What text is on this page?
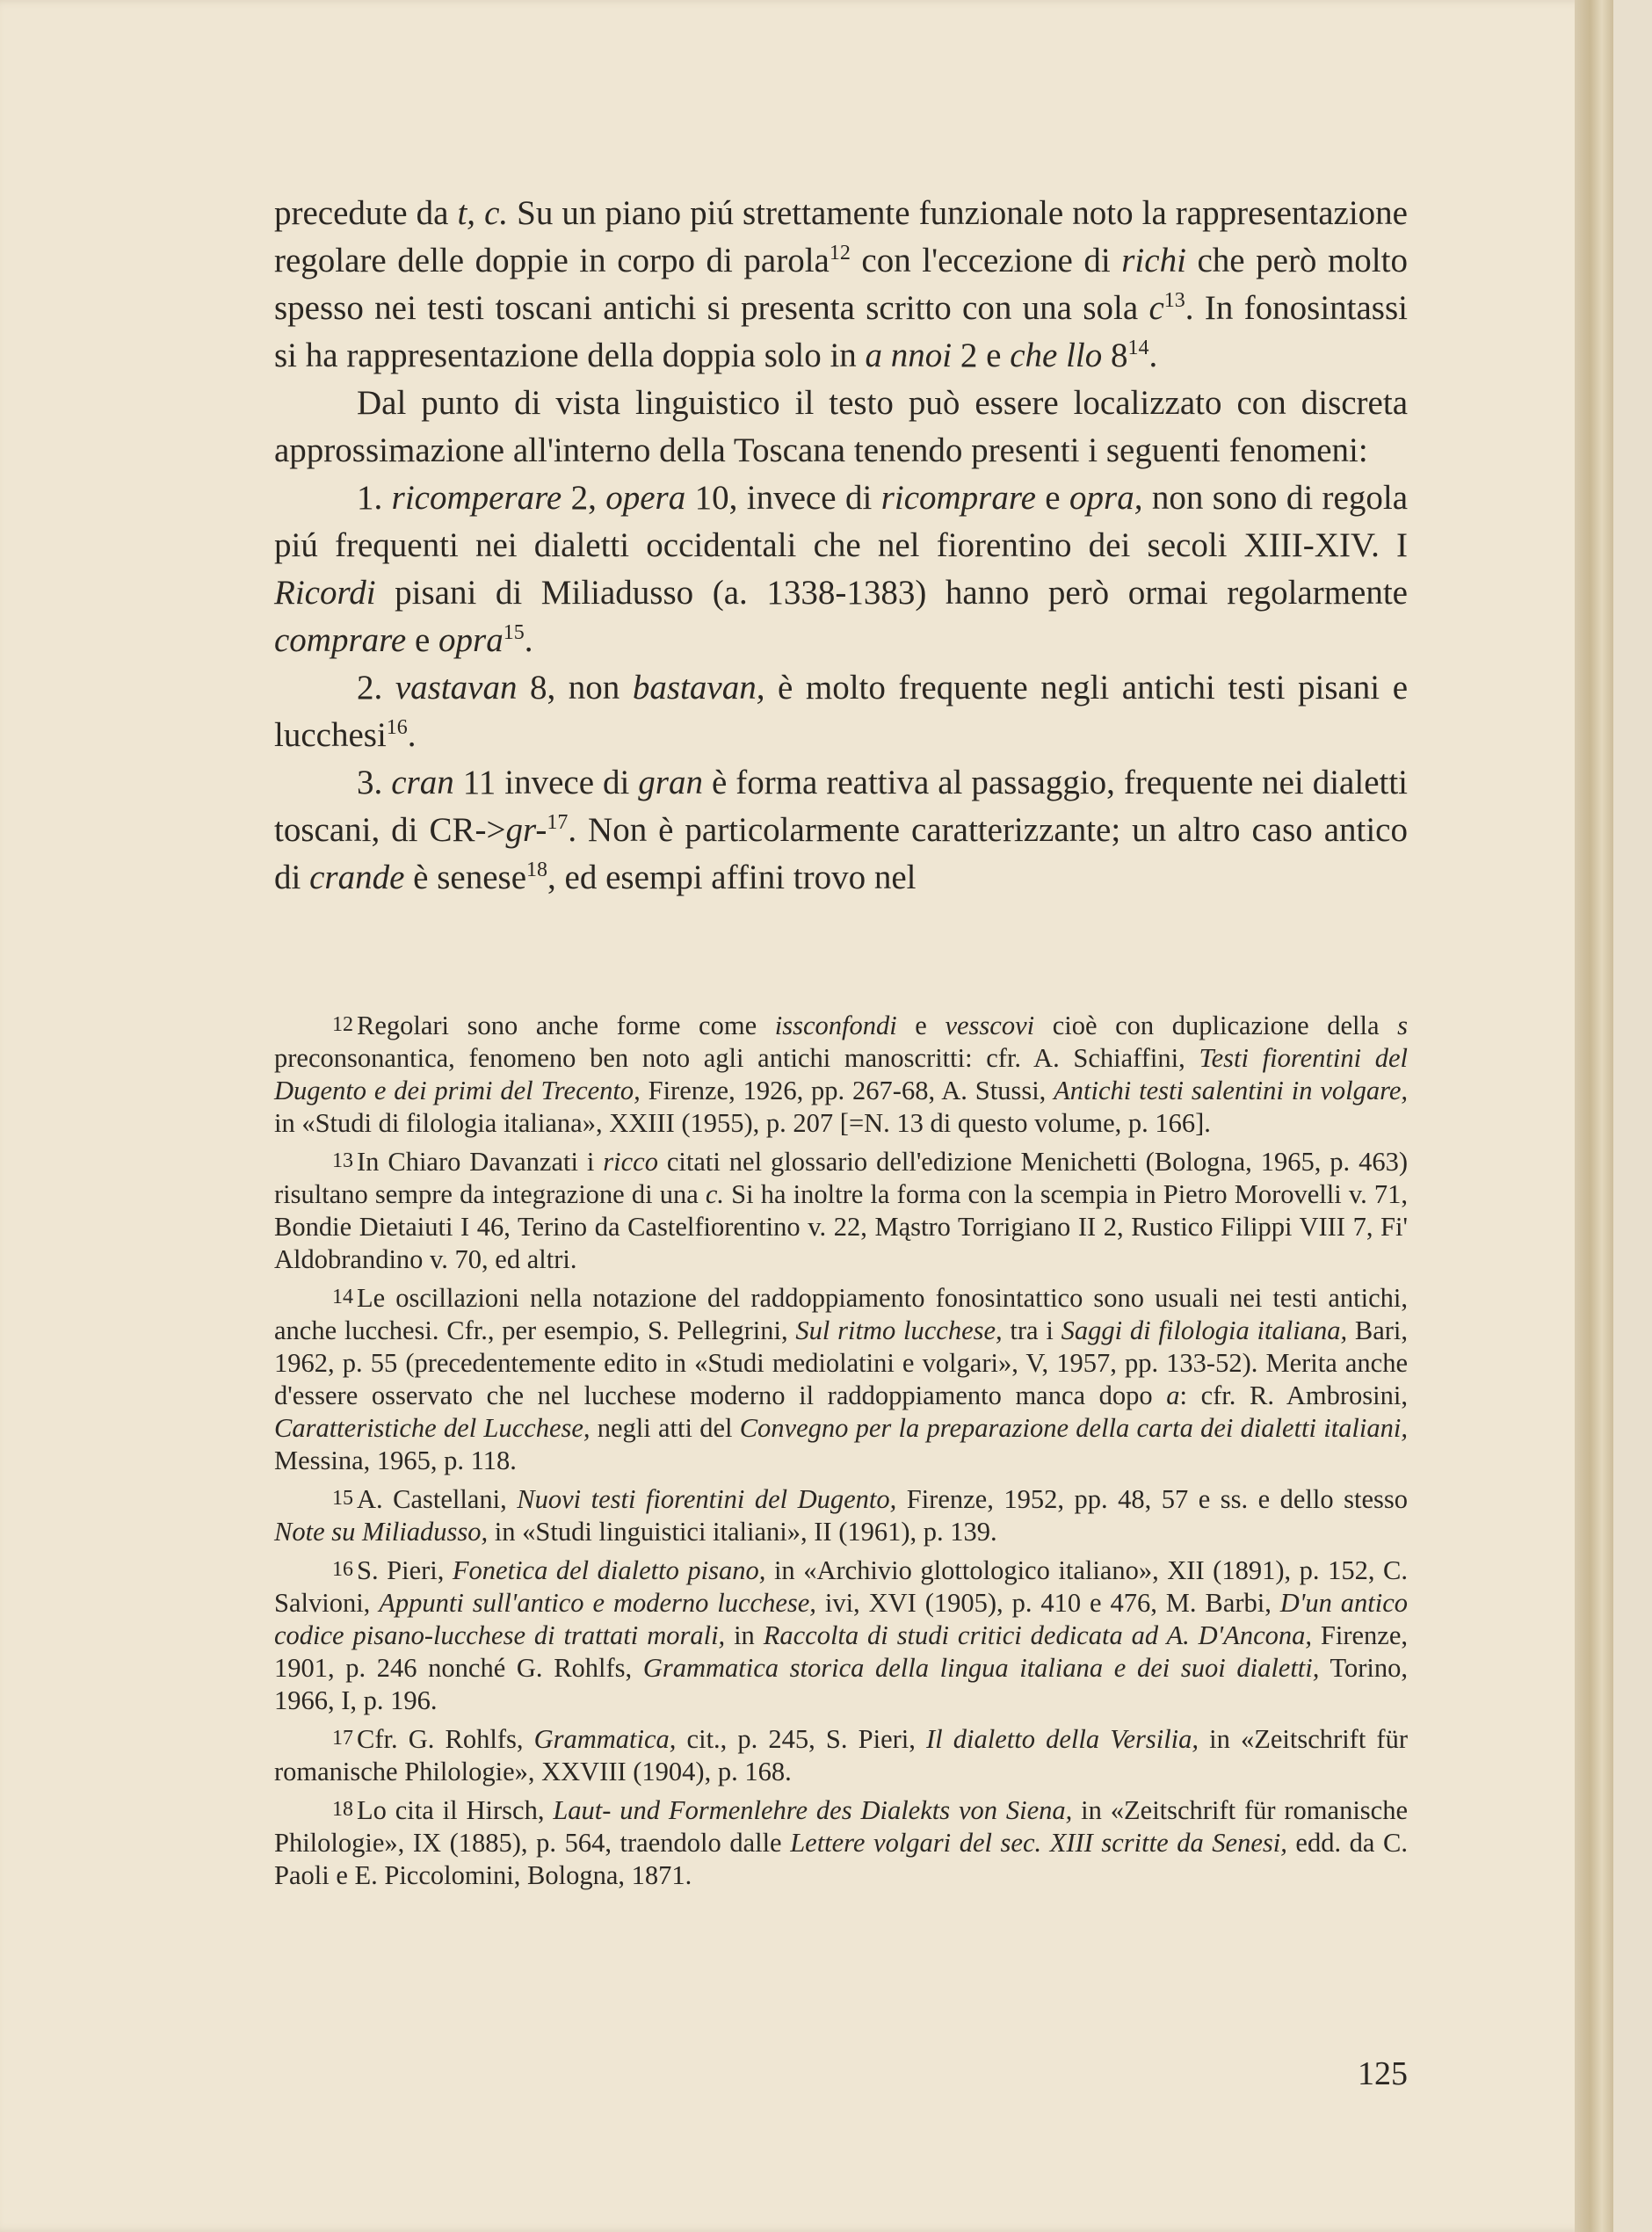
precedute da t, c. Su un piano piú strettamente funzionale noto la rappresentazione regolare delle doppie in corpo di parola$^{12}$ con l'eccezione di richi che però molto spesso nei testi toscani antichi si presenta scritto con una sola $c^{13}$. In fonosintassi si ha rappresentazione della doppia solo in a nnoi 2 e che llo $8^{14}$.

Dal punto di vista linguistico il testo può essere localizzato con discreta approssimazione all'interno della Toscana tenendo presenti i seguenti fenomeni:

1. ricomperare 2, opera 10, invece di ricomprare e opra, non sono di regola piú frequenti nei dialetti occidentali che nel fiorentino dei secoli XIII-XIV. I Ricordi pisani di Miliadusso (a. 1338-1383) hanno però ormai regolarmente comprare e opra$^{15}$.

2. vastavan 8, non bastavan, è molto frequente negli antichi testi pisani e lucchesi$^{16}$.

3. cran 11 invece di gran è forma reattiva al passaggio, frequente nei dialetti toscani, di CR->gr-$^{17}$. Non è particolarmente caratterizzante; un altro caso antico di crande è senese$^{18}$, ed esempi affini trovo nel

12 Regolari sono anche forme come issconfondi e vesscovi cioè con duplicazione della s preconsonantica, fenomeno ben noto agli antichi manoscritti: cfr. A. Schiaffini, Testi fiorentini del Dugento e dei primi del Trecento, Firenze, 1926, pp. 267-68, A. Stussi, Antichi testi salentini in volgare, in «Studi di filologia italiana», XXIII (1955), p. 207 [=N. 13 di questo volume, p. 166].

13 In Chiaro Davanzati i ricco citati nel glossario dell'edizione Menichetti (Bologna, 1965, p. 463) risultano sempre da integrazione di una c. Si ha inoltre la forma con la scempia in Pietro Morovelli v. 71, Bondie Dietaiuti I 46, Terino da Castelfiorentino v. 22, Mąstro Torrigiano II 2, Rustico Filippi VIII 7, Fi' Aldobrandino v. 70, ed altri.

14 Le oscillazioni nella notazione del raddoppiamento fonosintattico sono usuali nei testi antichi, anche lucchesi. Cfr., per esempio, S. Pellegrini, Sul ritmo lucchese, tra i Saggi di filologia italiana, Bari, 1962, p. 55 (precedentemente edito in «Studi mediolatini e volgari», V, 1957, pp. 133-52). Merita anche d'essere osservato che nel lucchese moderno il raddoppiamento manca dopo a: cfr. R. Ambrosini, Caratteristiche del Lucchese, negli atti del Convegno per la preparazione della carta dei dialetti italiani, Messina, 1965, p. 118.

15 A. Castellani, Nuovi testi fiorentini del Dugento, Firenze, 1952, pp. 48, 57 e ss. e dello stesso Note su Miliadusso, in «Studi linguistici italiani», II (1961), p. 139.

16 S. Pieri, Fonetica del dialetto pisano, in «Archivio glottologico italiano», XII (1891), p. 152, C. Salvioni, Appunti sull'antico e moderno lucchese, ivi, XVI (1905), p. 410 e 476, M. Barbi, D'un antico codice pisano-lucchese di trattati morali, in Raccolta di studi critici dedicata ad A. D'Ancona, Firenze, 1901, p. 246 nonché G. Rohlfs, Grammatica storica della lingua italiana e dei suoi dialetti, Torino, 1966, I, p. 196.

17 Cfr. G. Rohlfs, Grammatica, cit., p. 245, S. Pieri, Il dialetto della Versilia, in «Zeitschrift für romanische Philologie», XXVIII (1904), p. 168.

18 Lo cita il Hirsch, Laut- und Formenlehre des Dialekts von Siena, in «Zeitschrift für romanische Philologie», IX (1885), p. 564, traendolo dalle Lettere volgari del sec. XIII scritte da Senesi, edd. da C. Paoli e E. Piccolomini, Bologna, 1871.

125
